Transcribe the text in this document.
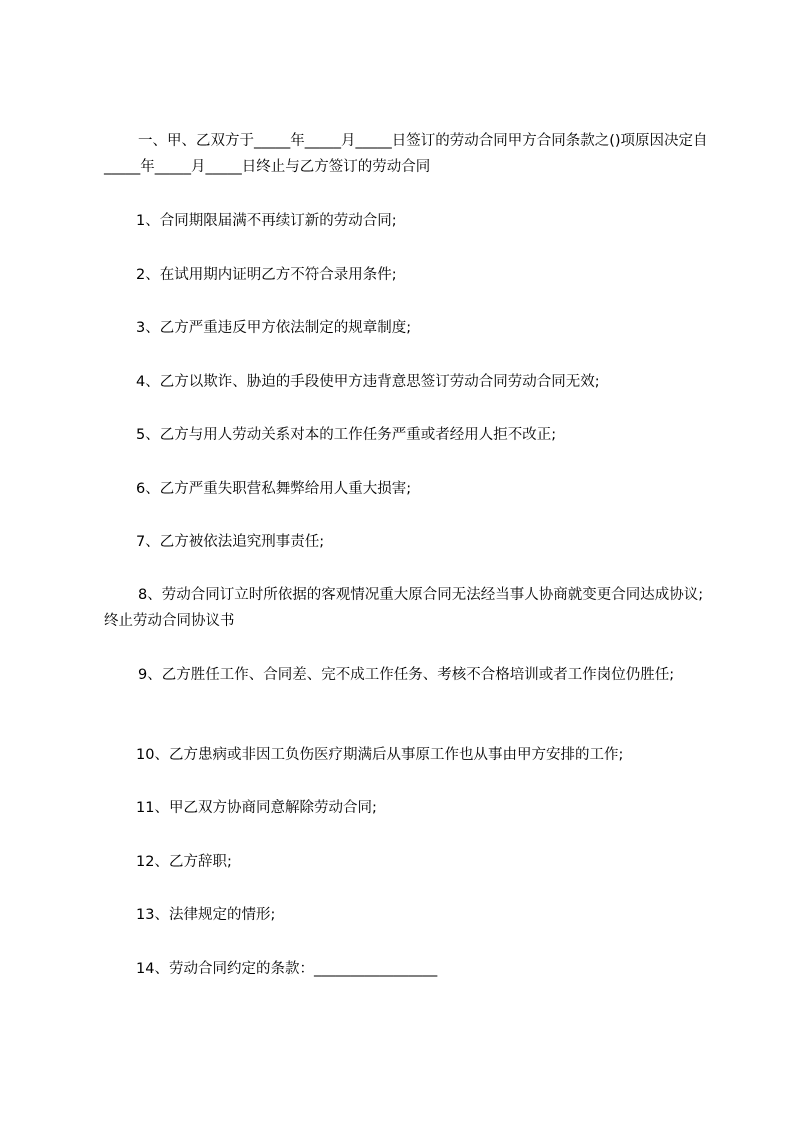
一、甲、乙双方于_____年_____月_____日签订的劳动合同甲方合同条款之()项原因决定自_____年_____月_____日终止与乙方签订的劳动合同

1、合同期限届满不再续订新的劳动合同;

2、在试用期内证明乙方不符合录用条件;

3、乙方严重违反甲方依法制定的规章制度;

4、乙方以欺诈、胁迫的手段使甲方违背意思签订劳动合同劳动合同无效;

5、乙方与用人劳动关系对本的工作任务严重或者经用人拒不改正;

6、乙方严重失职营私舞弊给用人重大损害;

7、乙方被依法追究刑事责任;

8、劳动合同订立时所依据的客观情况重大原合同无法经当事人协商就变更合同达成协议;终止劳动合同协议书

9、乙方胜任工作、合同差、完不成工作任务、考核不合格培训或者工作岗位仍胜任;

10、乙方患病或非因工负伤医疗期满后从事原工作也从事由甲方安排的工作;

11、甲乙双方协商同意解除劳动合同;

12、乙方辞职;

13、法律规定的情形;

14、劳动合同约定的条款：_________________
